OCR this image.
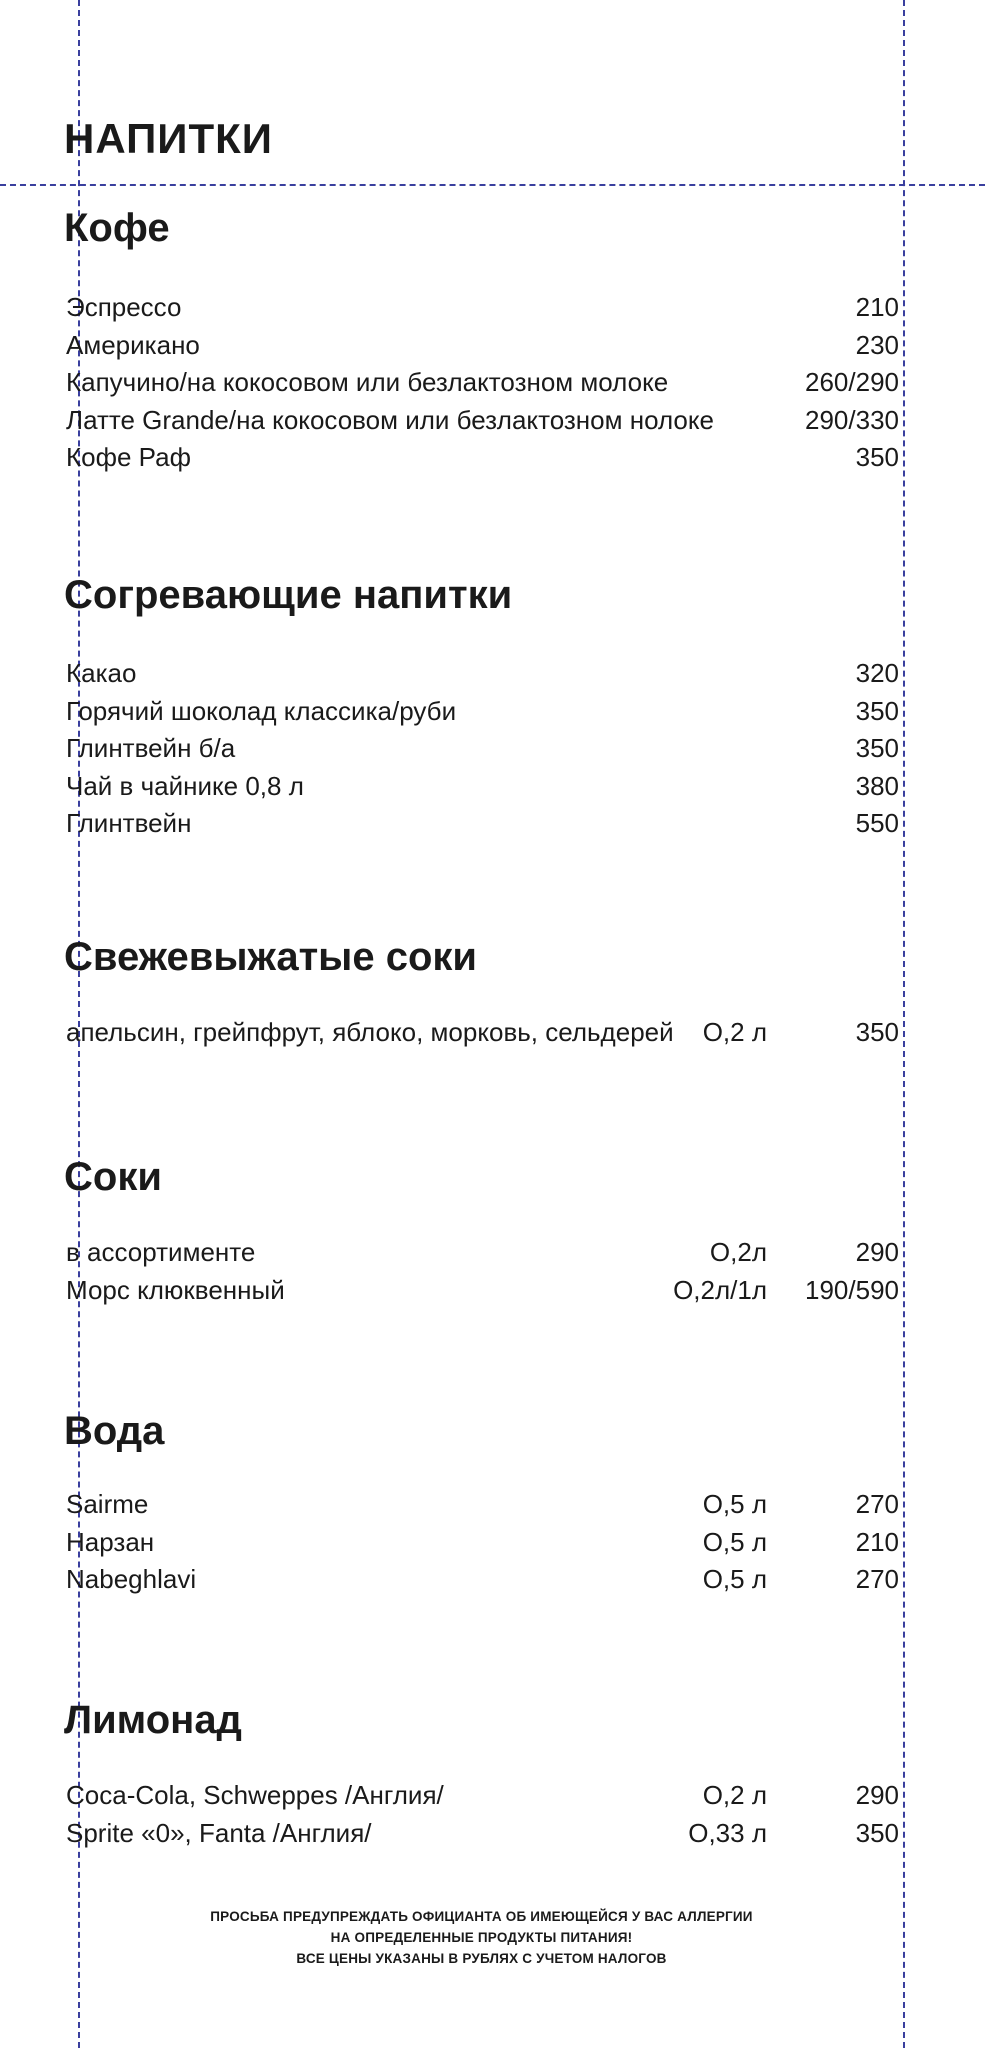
НАПИТКИ
Кофе
Эспрессо	210
Американо	230
Капучино/на кокосовом или безлактозном молоке	260/290
Латте Grande/на кокосовом или безлактозном нолоке	290/330
Кофе Раф	350
Согревающие напитки
Какао	320
Горячий шоколад классика/руби	350
Глинтвейн б/а	350
Чай в чайнике 0,8 л	380
Глинтвейн	550
Свежевыжатые соки
апельсин, грейпфрут, яблоко, морковь, сельдерей О,2 л	350
Соки
в ассортименте	О,2л	290
Морс клюквенный	О,2л/1л 190/590
Вода
Sairme	О,5 л	270
Нарзан	О,5 л	210
Nabeghlavi	О,5 л	270
Лимонад
Coca-Cola, Schweppes /Англия/	О,2 л	290
Sprite «0», Fanta /Англия/	О,33 л	350
ПРОСЬБА ПРЕДУПРЕЖДАТЬ ОФИЦИАНТА ОБ ИМЕЮЩЕЙСЯ У ВАС АЛЛЕРГИИ
НА ОПРЕДЕЛЕННЫЕ ПРОДУКТЫ ПИТАНИЯ!
ВСЕ ЦЕНЫ УКАЗАНЫ В РУБЛЯХ С УЧЕТОМ НАЛОГОВ
